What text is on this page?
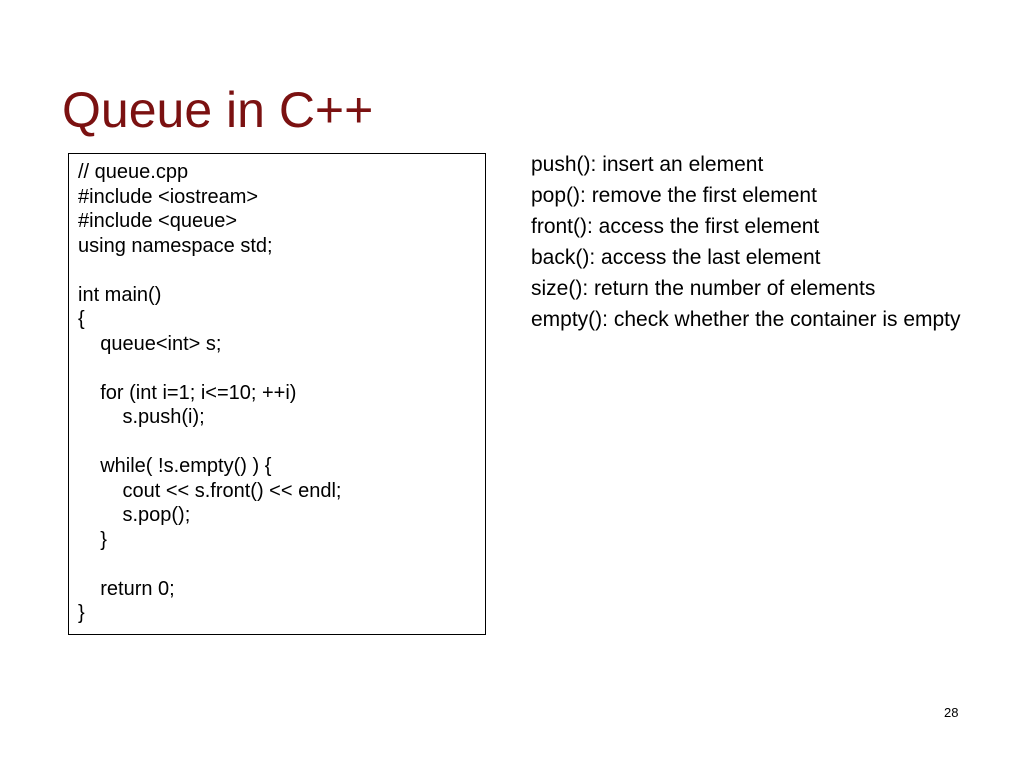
Queue in C++
// queue.cpp
#include <iostream>
#include <queue>
using namespace std;
int main()
{
queue<int> s;
for (int i=1; i<=10; ++i)
s.push(i);
while( !s.empty() ) {
cout << s.front() << endl;
s.pop();
}
return 0;
}
push(): insert an element
pop(): remove the first element
front(): access the first element
back(): access the last element
size(): return the number of elements
empty(): check whether the container is empty
28
